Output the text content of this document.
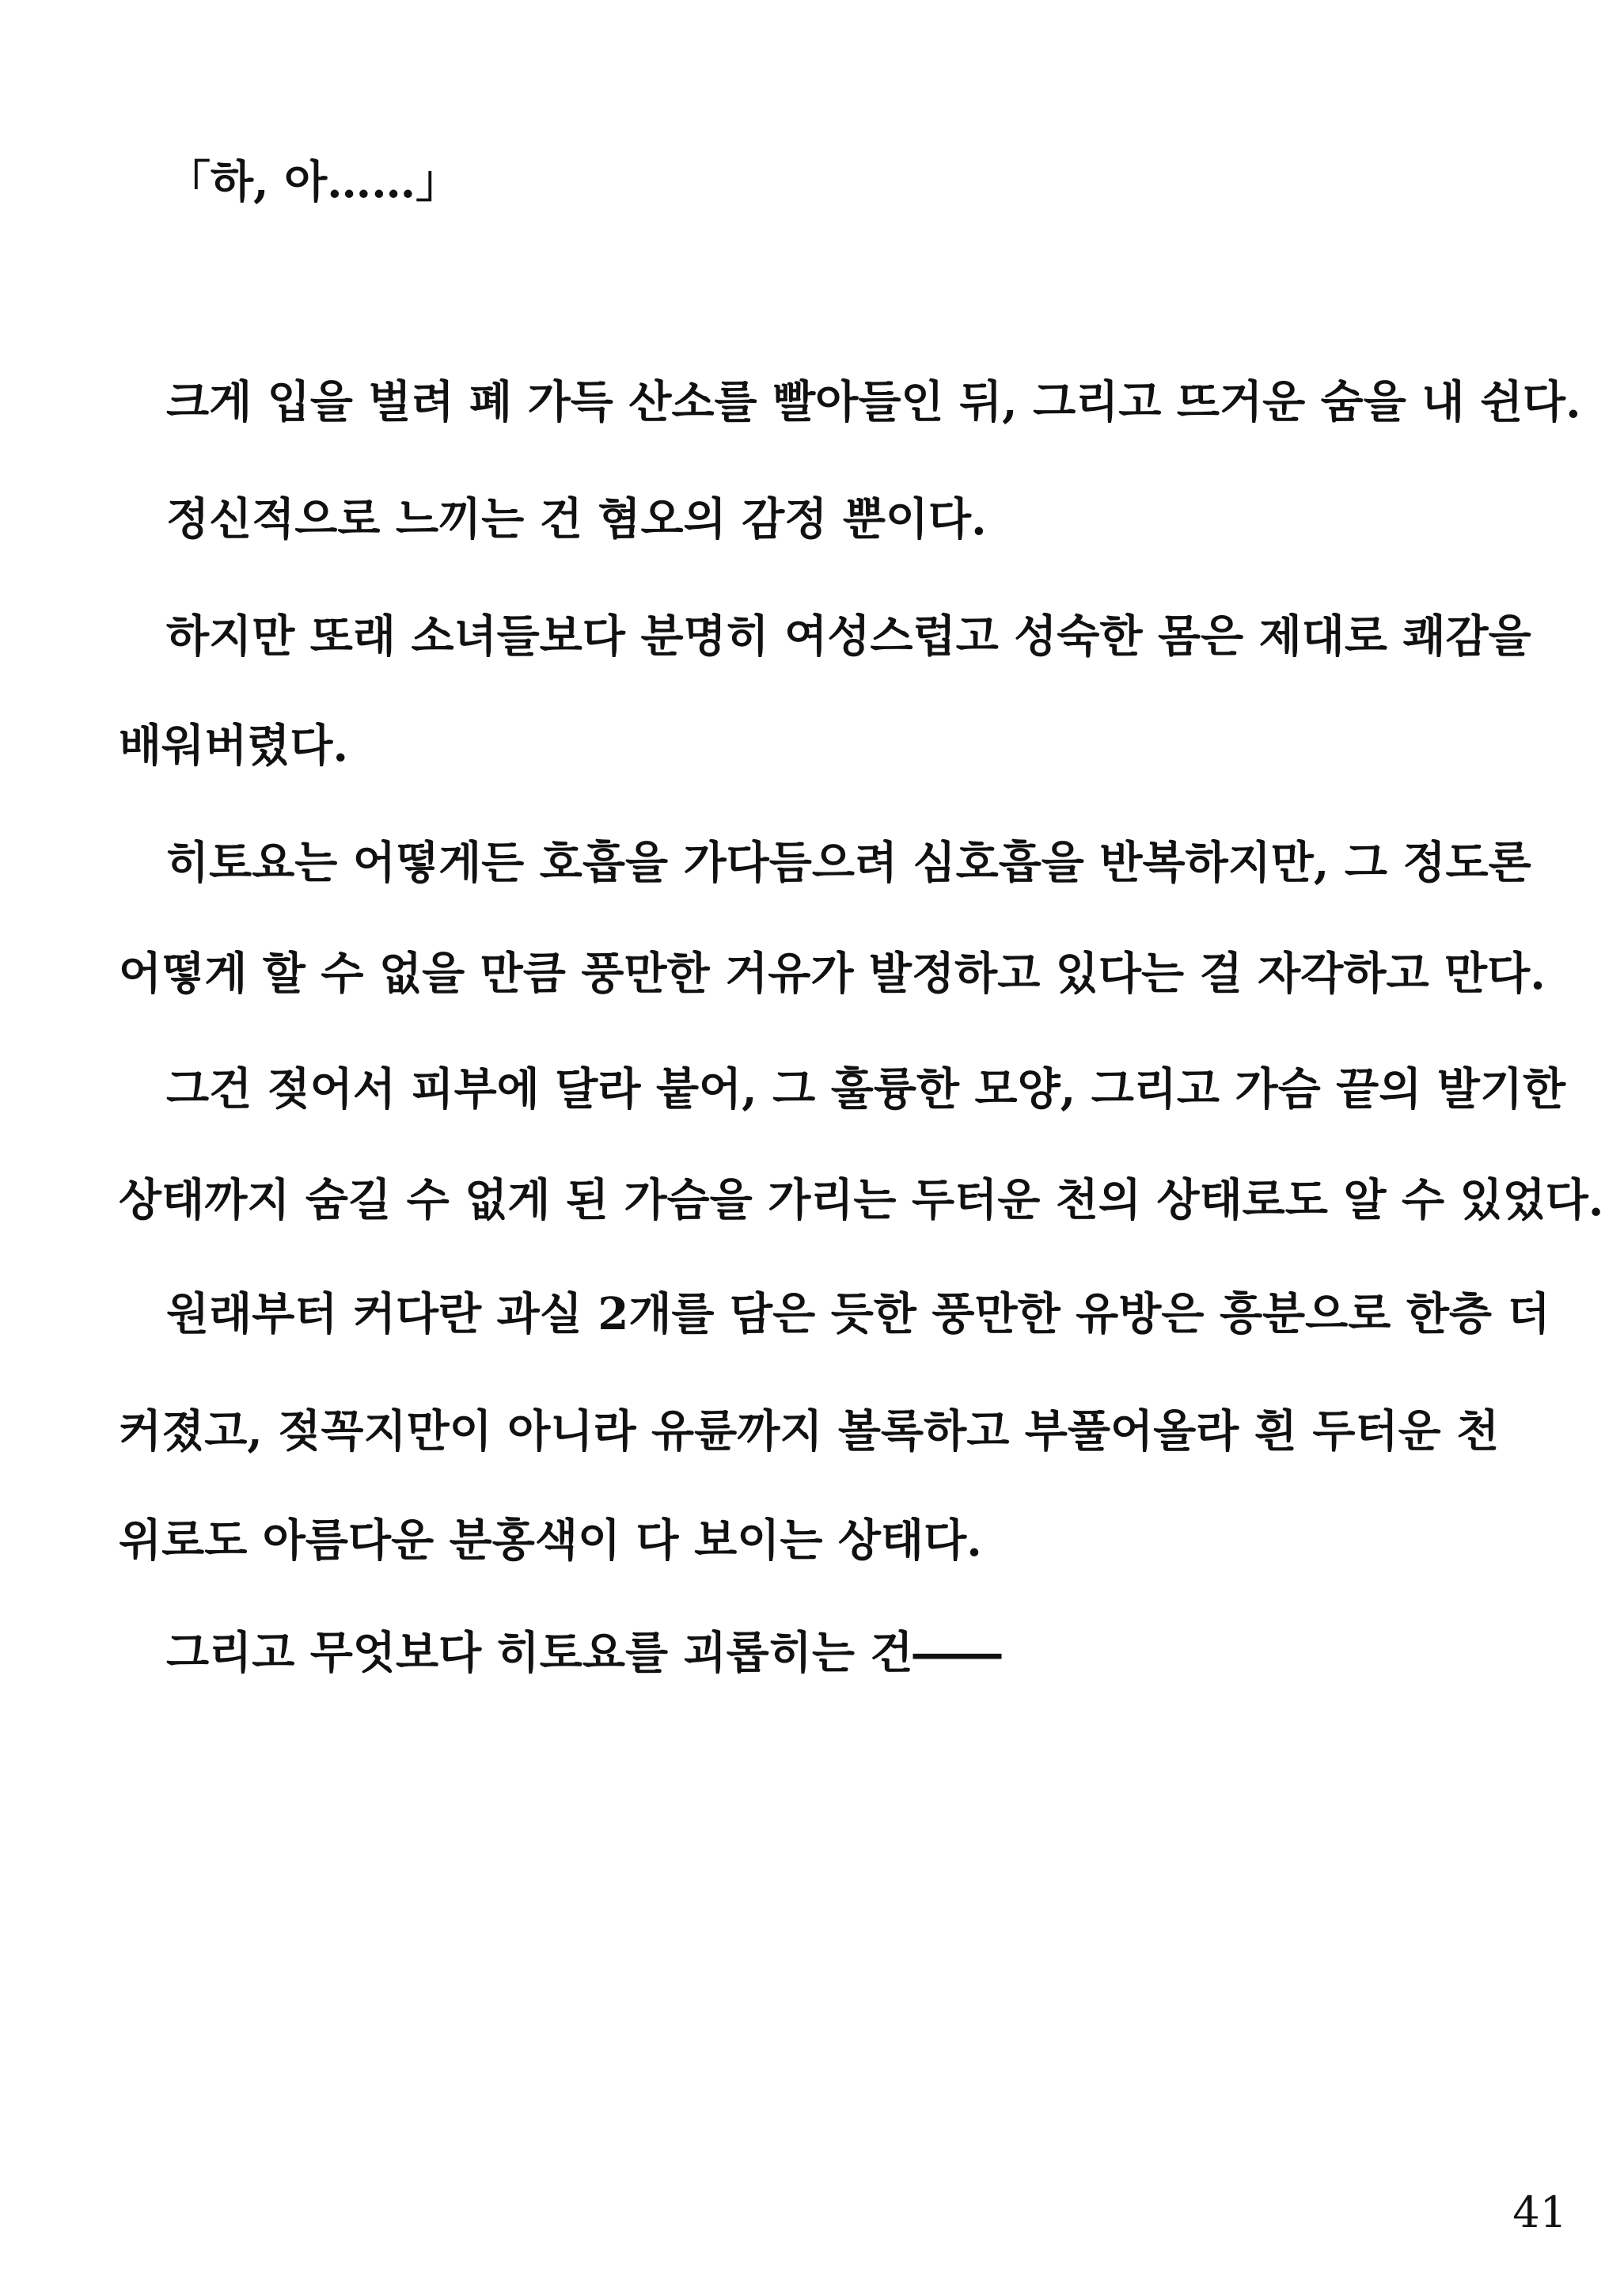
「하, 아……」
크게 입을 벌려 폐 가득 산소를 빨아들인 뒤, 그리고 뜨거운 숨을 내 쉰다.
정신적으로 느끼는 건 혐오의 감정 뿐이다.
하지만 또래 소녀들보다 분명히 여성스럽고 성숙한 몸은 제대로 쾌감을
배워버렸다.
히토요는 어떻게든 호흡을 가다듬으려 심호흡을 반복하지만, 그 정도론
어떻게 할 수 없을 만큼 풍만한 거유가 발정하고 있다는 걸 자각하고 만다.
그건 젖어서 피부에 달라 붙어, 그 훌륭한 모양, 그리고 가슴 끝의 발기한
상태까지 숨길 수 없게 된 가슴을 가리는 두터운 천의 상태로도 알 수 있었다.
원래부터 커다란 과실 2개를 담은 듯한 풍만한 유방은 흥분으로 한층 더
커졌고, 젖꼭지만이 아니라 유륜까지 볼록하고 부풀어올라 흰 두터운 천
위로도 아름다운 분홍색이 다 보이는 상태다.
그리고 무엇보다 히토요를 괴롭히는 건――
41
